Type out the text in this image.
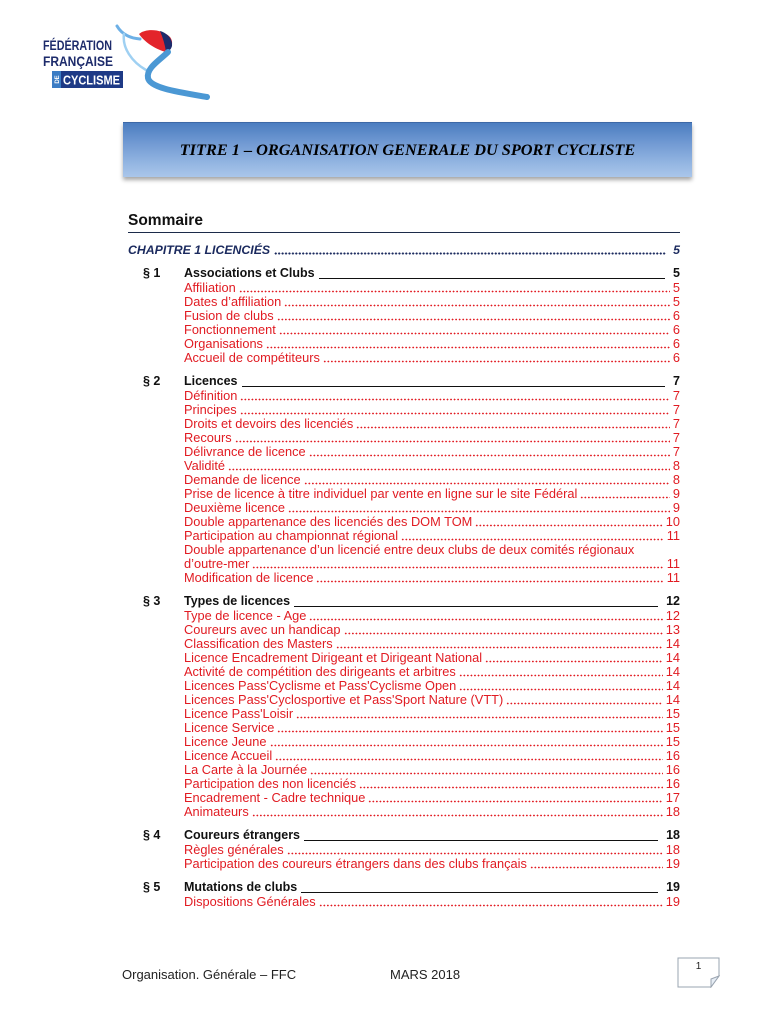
FÉDÉRATION
FRANÇAISE
DE CYCLISME
TITRE 1 – ORGANISATION GENERALE DU SPORT CYCLISTE
Sommaire
CHAPITRE 1 LICENCIÉS	5
§ 1	Associations et Clubs	5
Affiliation	5
Dates d’affiliation	5
Fusion de clubs	6
Fonctionnement	6
Organisations	6
Accueil de compétiteurs	6
§ 2	Licences	7
Définition	7
Principes	7
Droits et devoirs des licenciés	7
Recours	7
Délivrance de licence	7
Validité	8
Demande de licence	8
Prise de licence à titre individuel par vente en ligne sur le site Fédéral	9
Deuxième licence	9
Double appartenance des licenciés des DOM TOM	10
Participation au championnat régional	11
Double appartenance d’un licencié entre deux clubs de deux comités régionaux
d’outre-mer	11
Modification de licence	11
§ 3	Types de licences	12
Type de licence - Age	12
Coureurs avec un handicap	13
Classification des Masters	14
Licence Encadrement Dirigeant et Dirigeant National	14
Activité de compétition des dirigeants et arbitres	14
Licences Pass'Cyclisme et Pass'Cyclisme Open	14
Licences Pass'Cyclosportive et Pass'Sport Nature (VTT)	14
Licence Pass'Loisir	15
Licence Service	15
Licence Jeune	15
Licence Accueil	16
La Carte à la Journée	16
Participation des non licenciés	16
Encadrement - Cadre technique	17
Animateurs	18
§ 4	Coureurs étrangers	18
Règles générales	18
Participation des coureurs étrangers dans des clubs français	19
§ 5	Mutations de clubs	19
Dispositions Générales	19
Organisation. Générale – FFC	MARS 2018
1
